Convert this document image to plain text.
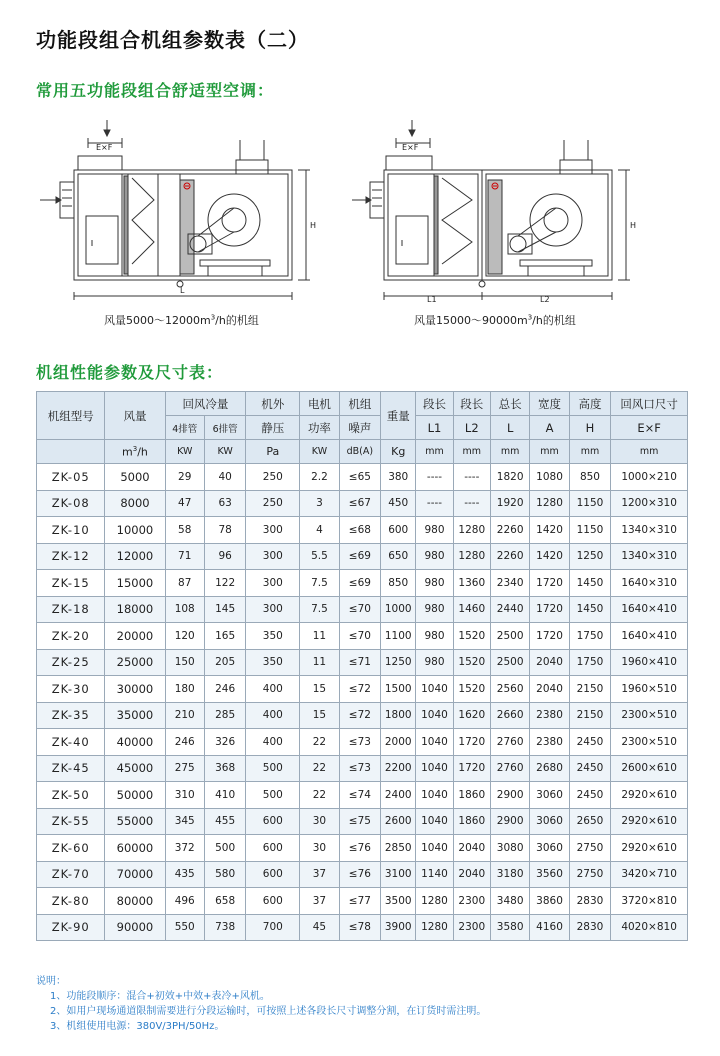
功能段组合机组参数表（二）
常用五功能段组合舒适型空调：
E×F
L
H
风量$5000\sim 12000m^3/h$的机组
E×F
L1	L2
H
风量$15000\sim 90000m^3/h$的机组
机组性能参数及尺寸表：
机组型号	风量	回风冷量		机外	电机	机组	重量	段长	段长	总长	宽度	高度	回风口尺寸
		4排管	6排管	静压	功率	噪声		L1	L2	L	A	H	E×F
	$m^3/h$	KW	KW	Pa	KW	dB(A)	Kg	mm	mm	mm	mm	mm	mm
ZK-05	5000	29	40	250	2.2	≤65	380	----	----	1820	1080	850	1000×210
ZK-08	8000	47	63	250	3	≤67	450	----	----	1920	1280	1150	1200×310
ZK-10	10000	58	78	300	4	≤68	600	980	1280	2260	1420	1150	1340×310
ZK-12	12000	71	96	300	5.5	≤69	650	980	1280	2260	1420	1250	1340×310
ZK-15	15000	87	122	300	7.5	≤69	850	980	1360	2340	1720	1450	1640×310
ZK-18	18000	108	145	300	7.5	≤70	1000	980	1460	2440	1720	1450	1640×410
ZK-20	20000	120	165	350	11	≤70	1100	980	1520	2500	1720	1750	1640×410
ZK-25	25000	150	205	350	11	≤71	1250	980	1520	2500	2040	1750	1960×410
ZK-30	30000	180	246	400	15	≤72	1500	1040	1520	2560	2040	2150	1960×510
ZK-35	35000	210	285	400	15	≤72	1800	1040	1620	2660	2380	2150	2300×510
ZK-40	40000	246	326	400	22	≤73	2000	1040	1720	2760	2380	2450	2300×510
ZK-45	45000	275	368	500	22	≤73	2200	1040	1720	2760	2680	2450	2600×610
ZK-50	50000	310	410	500	22	≤74	2400	1040	1860	2900	3060	2450	2920×610
ZK-55	55000	345	455	600	30	≤75	2600	1040	1860	2900	3060	2650	2920×610
ZK-60	60000	372	500	600	30	≤76	2850	1040	2040	3080	3060	2750	2920×610
ZK-70	70000	435	580	600	37	≤76	3100	1140	2040	3180	3560	2750	3420×710
ZK-80	80000	496	658	600	37	≤77	3500	1280	2300	3480	3860	2830	3720×810
ZK-90	90000	550	738	700	45	≤78	3900	1280	2300	3580	4160	2830	4020×810
说明：
1、功能段顺序：混合+初效+中效+表冷+风机。
2、如用户现场通道限制需要进行分段运输时，可按照上述各段长尺寸调整分割，在订货时需注明。
3、机组使用电源：380V/3PH/50Hz。
